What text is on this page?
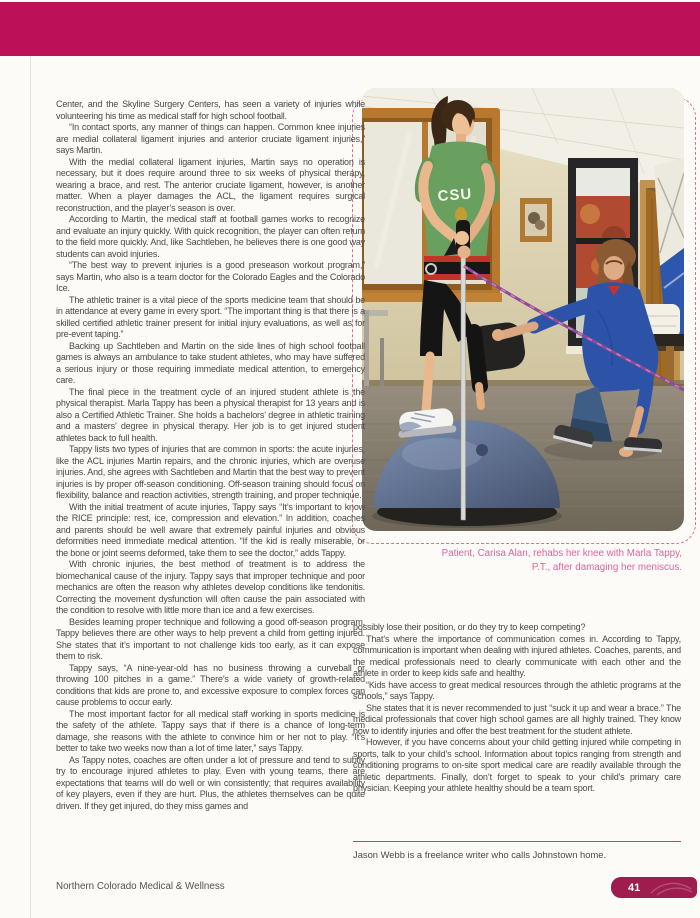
CSU
Patient, Carisa Alan, rehabs her knee with Marla Tappy,
P.T., after damaging her meniscus.

Center, and the Skyline Surgery Centers, has seen a variety of injuries while volunteering his time as medical staff for high school football.

“In contact sports, any manner of things can happen. Common knee injuries are medial collateral ligament injuries and anterior cruciate ligament injuries,” says Martin.

With the medial collateral ligament injuries, Martin says no operation is necessary, but it does require around three to six weeks of physical therapy, wearing a brace, and rest. The anterior cruciate ligament, however, is another matter. When a player damages the ACL, the ligament requires surgical reconstruction, and the player’s season is over.

According to Martin, the medical staff at football games works to recognize and evaluate an injury quickly. With quick recognition, the player can often return to the field more quickly. And, like Sachtleben, he believes there is one good way students can avoid injuries.

“The best way to prevent injuries is a good preseason workout program,” says Martin, who also is a team doctor for the Colorado Eagles and the Colorado Ice.

The athletic trainer is a vital piece of the sports medicine team that should be in attendance at every game in every sport. “The important thing is that there is a skilled certified athletic trainer present for initial injury evaluations, as well as for pre-event taping.”

Backing up Sachtleben and Martin on the side lines of high school football games is always an ambulance to take student athletes, who may have suffered a serious injury or those requiring immediate medical attention, to emergency care.

The final piece in the treatment cycle of an injured student athlete is the physical therapist. Marla Tappy has been a physical therapist for 13 years and is also a Certified Athletic Trainer. She holds a bachelors’ degree in athletic training and a masters’ degree in physical therapy. Her job is to get injured student athletes back to full health.

Tappy lists two types of injuries that are common in sports: the acute injuries, like the ACL injuries Martin repairs, and the chronic injuries, which are overuse injuries. And, she agrees with Sachtleben and Martin that the best way to prevent injuries is by proper off-season conditioning. Off-season training should focus on flexibility, balance and reaction activities, strength training, and proper technique.

With the initial treatment of acute injuries, Tappy says “It’s important to know the RICE principle: rest, ice, compression and elevation.” In addition, coaches and parents should be well aware that extremely painful injuries and obvious deformities need immediate medical attention. “If the kid is really miserable, or the bone or joint seems deformed, take them to see the doctor,” adds Tappy.

With chronic injuries, the best method of treatment is to address the biomechanical cause of the injury. Tappy says that improper technique and poor mechanics are often the reason why athletes develop conditions like tendonitis. Correcting the movement dysfunction will often cause the pain associated with the condition to resolve with little more than ice and a few exercises.

Besides learning proper technique and following a good off-season program, Tappy believes there are other ways to help prevent a child from getting injured. She states that it’s important to not challenge kids too early, as it can expose them to risk.

Tappy says, “A nine-year-old has no business throwing a curveball or throwing 100 pitches in a game.” There’s a wide variety of growth-related conditions that kids are prone to, and excessive exposure to complex forces can cause problems to occur early.

The most important factor for all medical staff working in sports medicine is the safety of the athlete. Tappy says that if there is a chance of long-term damage, she reasons with the athlete to convince him or her not to play. “It’s better to take two weeks now than a lot of time later,” says Tappy.

As Tappy notes, coaches are often under a lot of pressure and tend to subtly try to encourage injured athletes to play. Even with young teams, there are expectations that teams will do well or win consistently; that requires availability of key players, even if they are hurt. Plus, the athletes themselves can be quite driven. If they get injured, do they miss games and

possibly lose their position, or do they try to keep competing?

That’s where the importance of communication comes in. According to Tappy, communication is important when dealing with injured athletes. Coaches, parents, and the medical professionals need to clearly communicate with each other and the athlete in order to keep kids safe and healthy.

“Kids have access to great medical resources through the athletic programs at the schools,” says Tappy.

She states that it is never recommended to just “suck it up and wear a brace.” The medical professionals that cover high school games are all highly trained. They know how to identify injuries and offer the best treatment for the student athlete.

However, if you have concerns about your child getting injured while competing in sports, talk to your child’s school. Information about topics ranging from strength and conditioning programs to on-site sport medical care are readily available through the athletic departments. Finally, don’t forget to speak to your child’s primary care physician. Keeping your athlete healthy should be a team sport.

Jason Webb is a freelance writer who calls Johnstown home.
Northern Colorado Medical & Wellness	41
